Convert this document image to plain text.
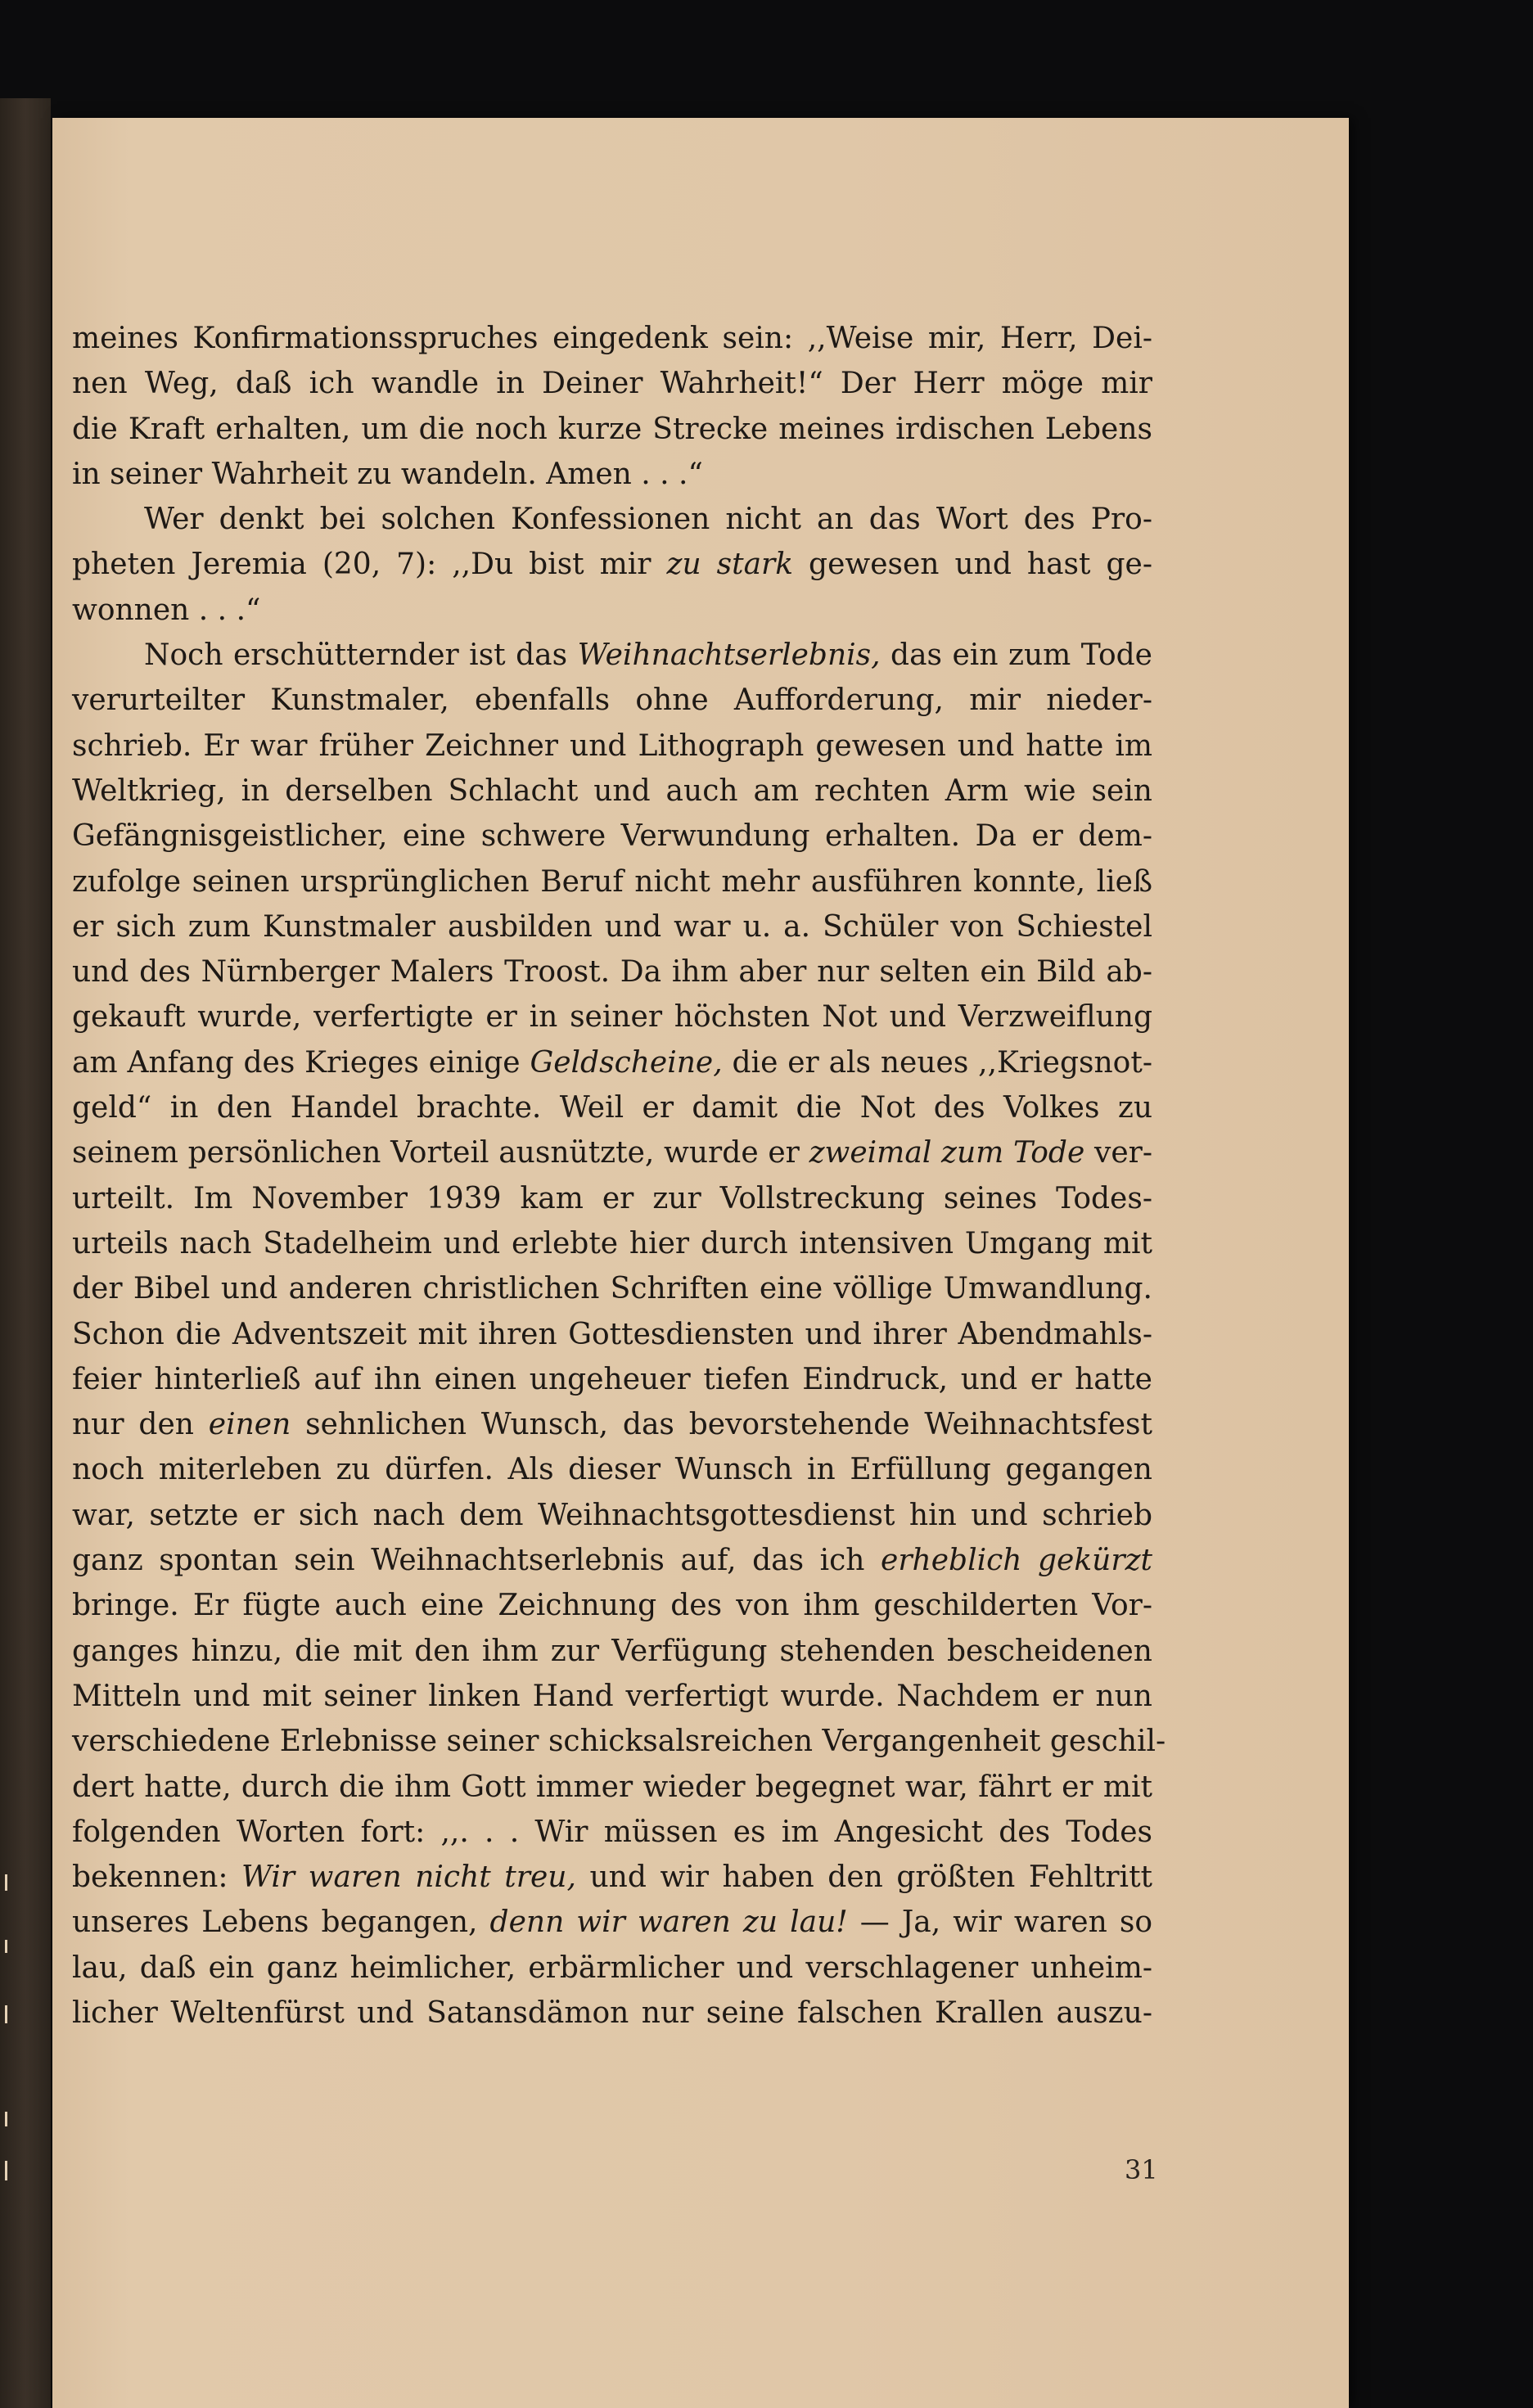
meines Konfirmationsspruches eingedenk sein: ,,Weise mir, Herr, Dei-
nen Weg, daß ich wandle in Deiner Wahrheit!“ Der Herr möge mir
die Kraft erhalten, um die noch kurze Strecke meines irdischen Lebens
in seiner Wahrheit zu wandeln. Amen . . .“
Wer denkt bei solchen Konfessionen nicht an das Wort des Pro-
pheten Jeremia (20, 7): ,,Du bist mir zu stark gewesen und hast ge-
wonnen . . .“
Noch erschütternder ist das Weihnachtserlebnis, das ein zum Tode
verurteilter Kunstmaler, ebenfalls ohne Aufforderung, mir nieder-
schrieb. Er war früher Zeichner und Lithograph gewesen und hatte im
Weltkrieg, in derselben Schlacht und auch am rechten Arm wie sein
Gefängnisgeistlicher, eine schwere Verwundung erhalten. Da er dem-
zufolge seinen ursprünglichen Beruf nicht mehr ausführen konnte, ließ
er sich zum Kunstmaler ausbilden und war u. a. Schüler von Schiestel
und des Nürnberger Malers Troost. Da ihm aber nur selten ein Bild ab-
gekauft wurde, verfertigte er in seiner höchsten Not und Verzweiflung
am Anfang des Krieges einige Geldscheine, die er als neues ,,Kriegsnot-
geld“ in den Handel brachte. Weil er damit die Not des Volkes zu
seinem persönlichen Vorteil ausnützte, wurde er zweimal zum Tode ver-
urteilt. Im November 1939 kam er zur Vollstreckung seines Todes-
urteils nach Stadelheim und erlebte hier durch intensiven Umgang mit
der Bibel und anderen christlichen Schriften eine völlige Umwandlung.
Schon die Adventszeit mit ihren Gottesdiensten und ihrer Abendmahls-
feier hinterließ auf ihn einen ungeheuer tiefen Eindruck, und er hatte
nur den einen sehnlichen Wunsch, das bevorstehende Weihnachtsfest
noch miterleben zu dürfen. Als dieser Wunsch in Erfüllung gegangen
war, setzte er sich nach dem Weihnachtsgottesdienst hin und schrieb
ganz spontan sein Weihnachtserlebnis auf, das ich erheblich gekürzt
bringe. Er fügte auch eine Zeichnung des von ihm geschilderten Vor-
ganges hinzu, die mit den ihm zur Verfügung stehenden bescheidenen
Mitteln und mit seiner linken Hand verfertigt wurde. Nachdem er nun
verschiedene Erlebnisse seiner schicksalsreichen Vergangenheit geschil-
dert hatte, durch die ihm Gott immer wieder begegnet war, fährt er mit
folgenden Worten fort: ,,. . . Wir müssen es im Angesicht des Todes
bekennen: Wir waren nicht treu, und wir haben den größten Fehltritt
unseres Lebens begangen, denn wir waren zu lau! — Ja, wir waren so
lau, daß ein ganz heimlicher, erbärmlicher und verschlagener unheim-
licher Weltenfürst und Satansdämon nur seine falschen Krallen auszu-
31
